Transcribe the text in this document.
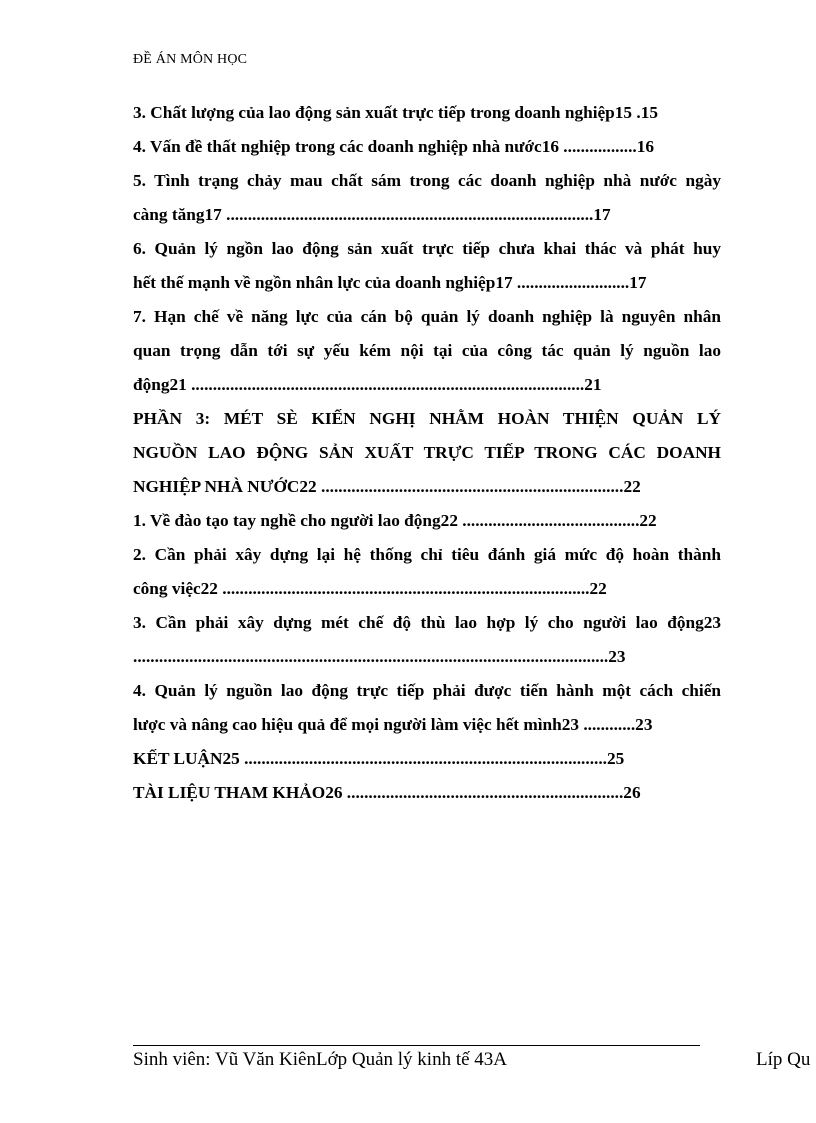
ĐỀ ÁN MÔN HỌC
3. Chất lượng của lao động sản xuất trực tiếp trong doanh nghiệp15 .15
4. Vấn đề thất nghiệp trong các doanh nghiệp nhà nước16 .................16
5. Tình trạng chảy mau chất sám trong các doanh nghiệp nhà nước ngày
càng tăng17 .....................................................................................17
6. Quản lý ngồn lao động sản xuất trực tiếp chưa khai thác và phát huy
hết thế mạnh về ngồn nhân lực của doanh nghiệp17 ..........................17
7. Hạn chế về năng lực của cán bộ quản lý doanh nghiệp là nguyên nhân
quan trọng dẫn tới sự yếu kém nội tại của công tác quản lý nguồn lao
động21 ...........................................................................................21
PHẦN 3: MÉT SÈ KIẾN NGHỊ NHẰM HOÀN THIỆN QUẢN LÝ
NGUỒN LAO ĐỘNG SẢN XUẤT TRỰC TIẾP TRONG CÁC DOANH
NGHIỆP NHÀ NƯỚC22 ......................................................................22
1. Về đào tạo tay nghề cho người lao động22 .........................................22
2. Cần phải xây dựng lại hệ thống chỉ tiêu đánh giá mức độ hoàn thành
công việc22 .....................................................................................22
3. Cần phải xây dựng mét chế độ thù lao hợp lý cho người lao động23
..............................................................................................................23
4. Quản lý nguồn lao động trực tiếp phải được tiến hành một cách chiến
lược và nâng cao hiệu quả để mọi người làm việc hết mình23 ............23
KẾT LUẬN25 ....................................................................................25
TÀI LIỆU THAM KHẢO26 ................................................................26
Sinh viên: Vũ Văn KiênLớp Quản lý kinh tế 43A	Líp Qu
